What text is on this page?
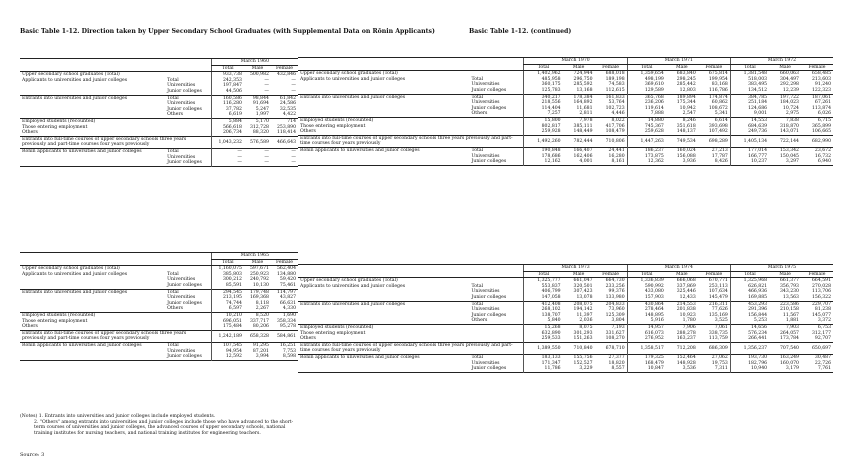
Basic Table 1-12. Direction taken by Upper Secondary School Graduates (with Supplemental Data on Rōnin Applicants)	Basic Table 1-12. (continued)
Source: 3
		March 1960		
		Total	Male	Female
Upper secondary school graduates (Total)		933,738	500,982	432,846
Applicants to universities and junior colleges	Total	242,353	—	—
	Universities	197,847	—	—
	Junior colleges	44,506	—	—
Entrants into universities and junior colleges	Total	160,586	98,844	61,842
	Universities	116,280	91,694	24,586
	Junior colleges	37,782	5,247	32,535
	Others	6,619	1,997	4,422
Employed students (recounted)		5,884	5,170	714
Those entering employment		566,618	312,728	253,890
Others		206,734	88,320	118,414
Entrants into full-time courses of upper secondary schools three years previously and part-time courses four years previously		1,043,232	576,589	466,643
Rōnin applicants to universities and junior colleges	Total	—	—	—
	Universities	—	—	—
	Junior colleges	—	—	—
		March 1970			March 1971			March 1972		
		Total	Male	Female	Total	Male	Female	Total	Male	Female
Upper secondary school graduates (Total)		1,402,962	724,944	688,018	1,359,654	683,840	675,814	1,381,548	660,063	658,485
Applicants to universities and junior colleges	Total	485,958	296,750	189,198	498,199	298,245	199,954	518,003	304,497	213,603
	Universities	360,175	285,592	74,583	369,610	285,442	83,168	383,495	292,298	91,240
	Junior colleges	125,783	13,168	112,615	129,589	12,803	116,786	134,512	12,239	122,323
Entrants into universities and junior colleges	Total	340,217	178,384	161,833	365,768	189,894	174,874	384,785	197,722	187,061
	Universities	218,556	164,892	53,764	236,206	175,344	60,862	251,184	184,023	67,261
	Junior colleges	114,404	11,681	102,723	119,614	10,942	108,672	124,686	10,724	113,874
	Others	7,257	2,811	4,446	7,888	2,547	5,341	9,001	2,975	6,026
Employed students (recounted)		15,800	7,978	8,022	14,880	8,246	6,614	14,553	7,838	6,715
Those entering employment		802,817	385,111	417,706	745,367	351,618	393,698	684,639	318,870	365,899
Others		259,928	148,449	108,479	259,628	148,137	107,492	249,736	143,071	106,665
Entrants into full-time courses of upper secondary schools three years previously and part-time courses four years previously		1,492,260	782,444	710,806	1,447,263	749,534	698,289	1,405,134	722,144	682,990
Rōnin applicants to universities and junior colleges	Total	190,848	166,407	24,441	186,237	160,024	27,213	177,014	153,342	23,672
	Universities	178,686	162,406	16,280	173,875	156,088	17,787	166,777	150,045	16,732
	Junior colleges	12,162	4,001	8,161	12,362	3,936	8,426	10,237	3,297	6,940
		March 1965		
		Total	Male	Female
Upper secondary school graduates (Total)		1,160,075	597,671	562,404
Applicants to universities and junior colleges	Total	385,803	250,923	134,880
	Universities	300,212	240,792	59,420
	Junior colleges	85,591	10,130	75,461
Entrants into universities and junior colleges	Total	294,545	179,748	114,797
	Universities	213,195	169,368	43,827
	Junior colleges	74,744	8,118	66,631
	Others	6,597	2,267	4,330
Employed students (recounted)		10,210	8,520	1,690
Those entering employment		696,051	337,717	358,334
Others		175,484	80,206	95,278
Entrants into full-time courses of upper secondary schools three years previously and part-time courses four years previously		1,242,189	658,328	584,861
Rōnin applicants to universities and junior colleges	Total	107,545	91,295	16,251
	Universities	94,954	87,201	7,753
	Junior colleges	12,592	3,994	8,598
		March 1973			March 1974			March 1975		
		Total	Male	Female	Total	Male	Female	Total	Male	Female
Upper secondary school graduates (Total)		1,325,777	661,047	664,730	1,336,839	666,068	670,771	1,325,968	661,377	664,591
Applicants to universities and junior colleges	Total	553,837	320,501	233,256	590,992	337,869	253,113	626,821	356,793	270,028
	Universities	406,799	307,423	99,376	433,080	325,446	107,634	466,936	343,230	113,706
	Junior colleges	147,058	13,078	133,980	157,903	12,433	145,479	169,885	13,563	156,322
Entrants into universities and junior colleges	Total	412,408	208,075	204,833	430,864	214,553	216,311	453,293	223,586	229,707
	Universities	268,102	194,142	73,960	278,464	201,838	77,626	291,396	210,158	81,238
	Junior colleges	138,707	11,397	125,309	148,895	10,923	135,169	156,844	11,567	145,077
	Others	5,840	2,036	3,804	5,916	1,780	3,525	5,253	1,881	3,372
Employed students (recounted)		15,268	8,075	7,193	14,957	7,906	7,061	14,656	7,903	6,753
Those entering employment		632,890	301,293	331,627	616,073	288,278	338,735	576,234	264,057	312,177
Others		259,533	151,263	108,270	276,952	163,237	113,759	266,441	173,784	92,707
Entrants into full-time courses of upper secondary schools three years previously and part-time courses four years previously		1,389,550	710,840	678,710	1,358,517	712,208	686,309	1,356,237	707,540	650,697
Rōnin applicants to universities and junior colleges	Total	183,133	155,756	27,377	179,325	152,464	27,062	193,730	163,249	30,487
	Universities	171,347	152,527	18,820	168,479	148,928	19,753	182,796	160,070	22,726
	Junior colleges	11,786	3,229	8,557	10,847	3,536	7,311	10,940	3,179	7,761
(Notes) 1. Entrants into universities and junior colleges include employed students.
2. "Others" among entrants into universities and junior colleges include those who have advanced to the short-term courses of universities and junior colleges, the advanced courses of upper secondary schools, national training institutes for nursing teachers, and national training institutes for engineering teachers.
